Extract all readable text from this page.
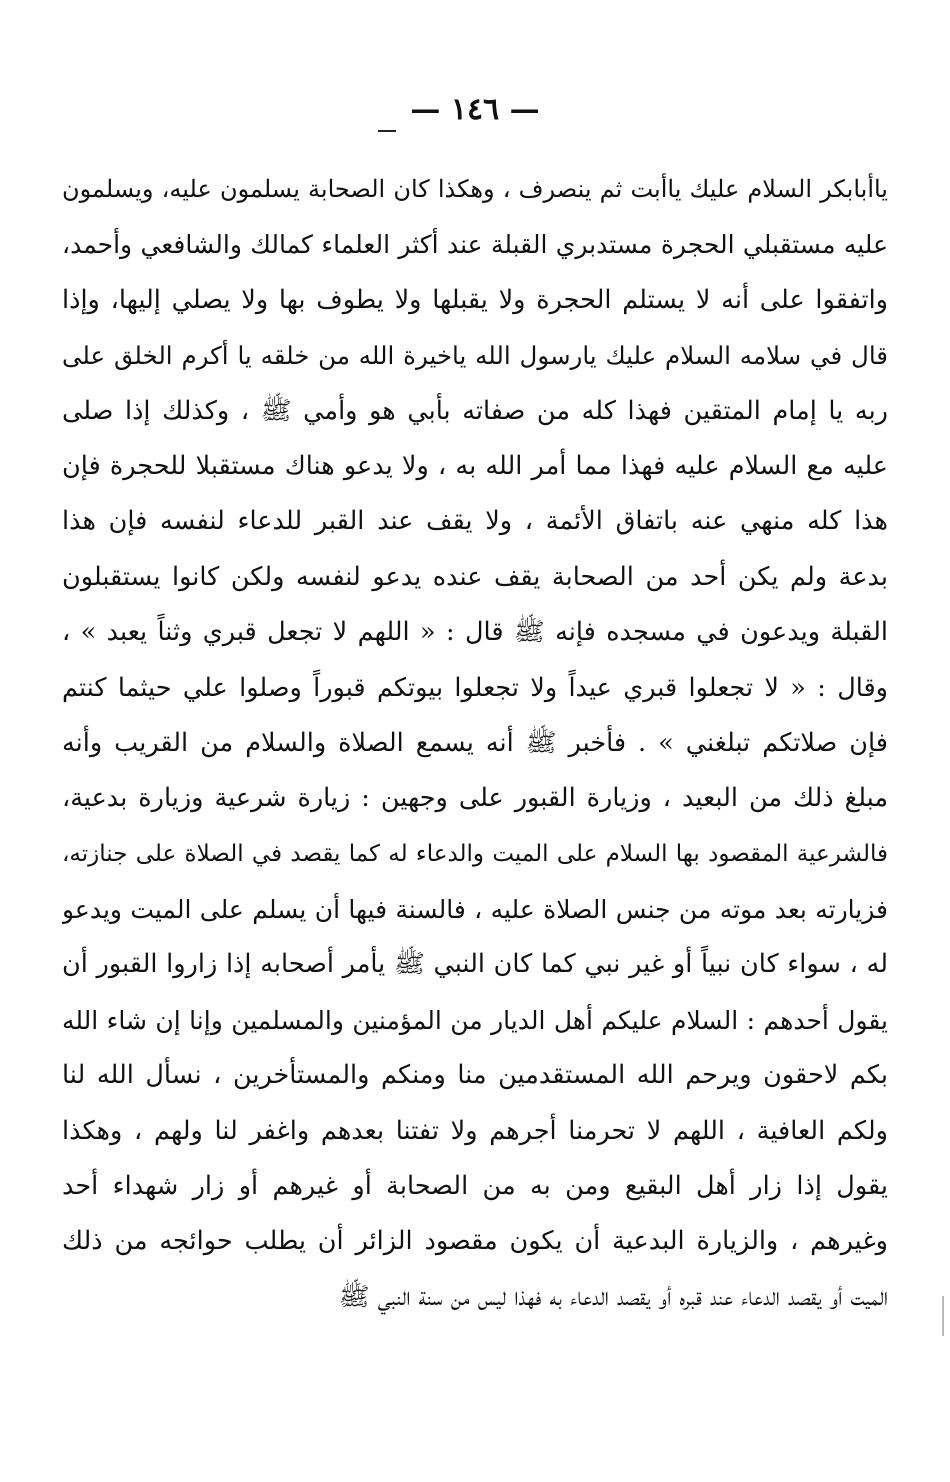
— ١٤٦ —
ياأبابكر السلام عليك ياأبت ثم ينصرف ، وهكذا كان الصحابة يسلمون عليه، ويسلمون
عليه مستقبلي الحجرة مستدبري القبلة عند أكثر العلماء كمالك والشافعي وأحمد،
واتفقوا على أنه لا يستلم الحجرة ولا يقبلها ولا يطوف بها ولا يصلي إليها، وإذا
قال في سلامه السلام عليك يارسول الله ياخيرة الله من خلقه يا أكرم الخلق على
ربه يا إمام المتقين فهذا كله من صفاته بأبي هو وأمي ﷺ ، وكذلك إذا صلى
عليه مع السلام عليه فهذا مما أمر الله به ، ولا يدعو هناك مستقبلا للحجرة فإن
هذا كله منهي عنه باتفاق الأئمة ، ولا يقف عند القبر للدعاء لنفسه فإن هذا
بدعة ولم يكن أحد من الصحابة يقف عنده يدعو لنفسه ولكن كانوا يستقبلون
القبلة ويدعون في مسجده فإنه ﷺ قال : « اللهم لا تجعل قبري وثناً يعبد » ،
وقال : « لا تجعلوا قبري عيداً ولا تجعلوا بيوتكم قبوراً وصلوا علي حيثما كنتم
فإن صلاتكم تبلغني » . فأخبر ﷺ أنه يسمع الصلاة والسلام من القريب وأنه
مبلغ ذلك من البعيد ، وزيارة القبور على وجهين : زيارة شرعية وزيارة بدعية،
فالشرعية المقصود بها السلام على الميت والدعاء له كما يقصد في الصلاة على جنازته،
فزيارته بعد موته من جنس الصلاة عليه ، فالسنة فيها أن يسلم على الميت ويدعو
له ، سواء كان نبياً أو غير نبي كما كان النبي ﷺ يأمر أصحابه إذا زاروا القبور أن
يقول أحدهم : السلام عليكم أهل الديار من المؤمنين والمسلمين وإنا إن شاء الله
بكم لاحقون ويرحم الله المستقدمين منا ومنكم والمستأخرين ، نسأل الله لنا
ولكم العافية ، اللهم لا تحرمنا أجرهم ولا تفتنا بعدهم واغفر لنا ولهم ، وهكذا
يقول إذا زار أهل البقيع ومن به من الصحابة أو غيرهم أو زار شهداء أحد
وغيرهم ، والزيارة البدعية أن يكون مقصود الزائر أن يطلب حوائجه من ذلك
الميت أو يقصد الدعاء عند قبره أو يقصد الدعاء به فهذا ليس من سنة النبي ﷺ
